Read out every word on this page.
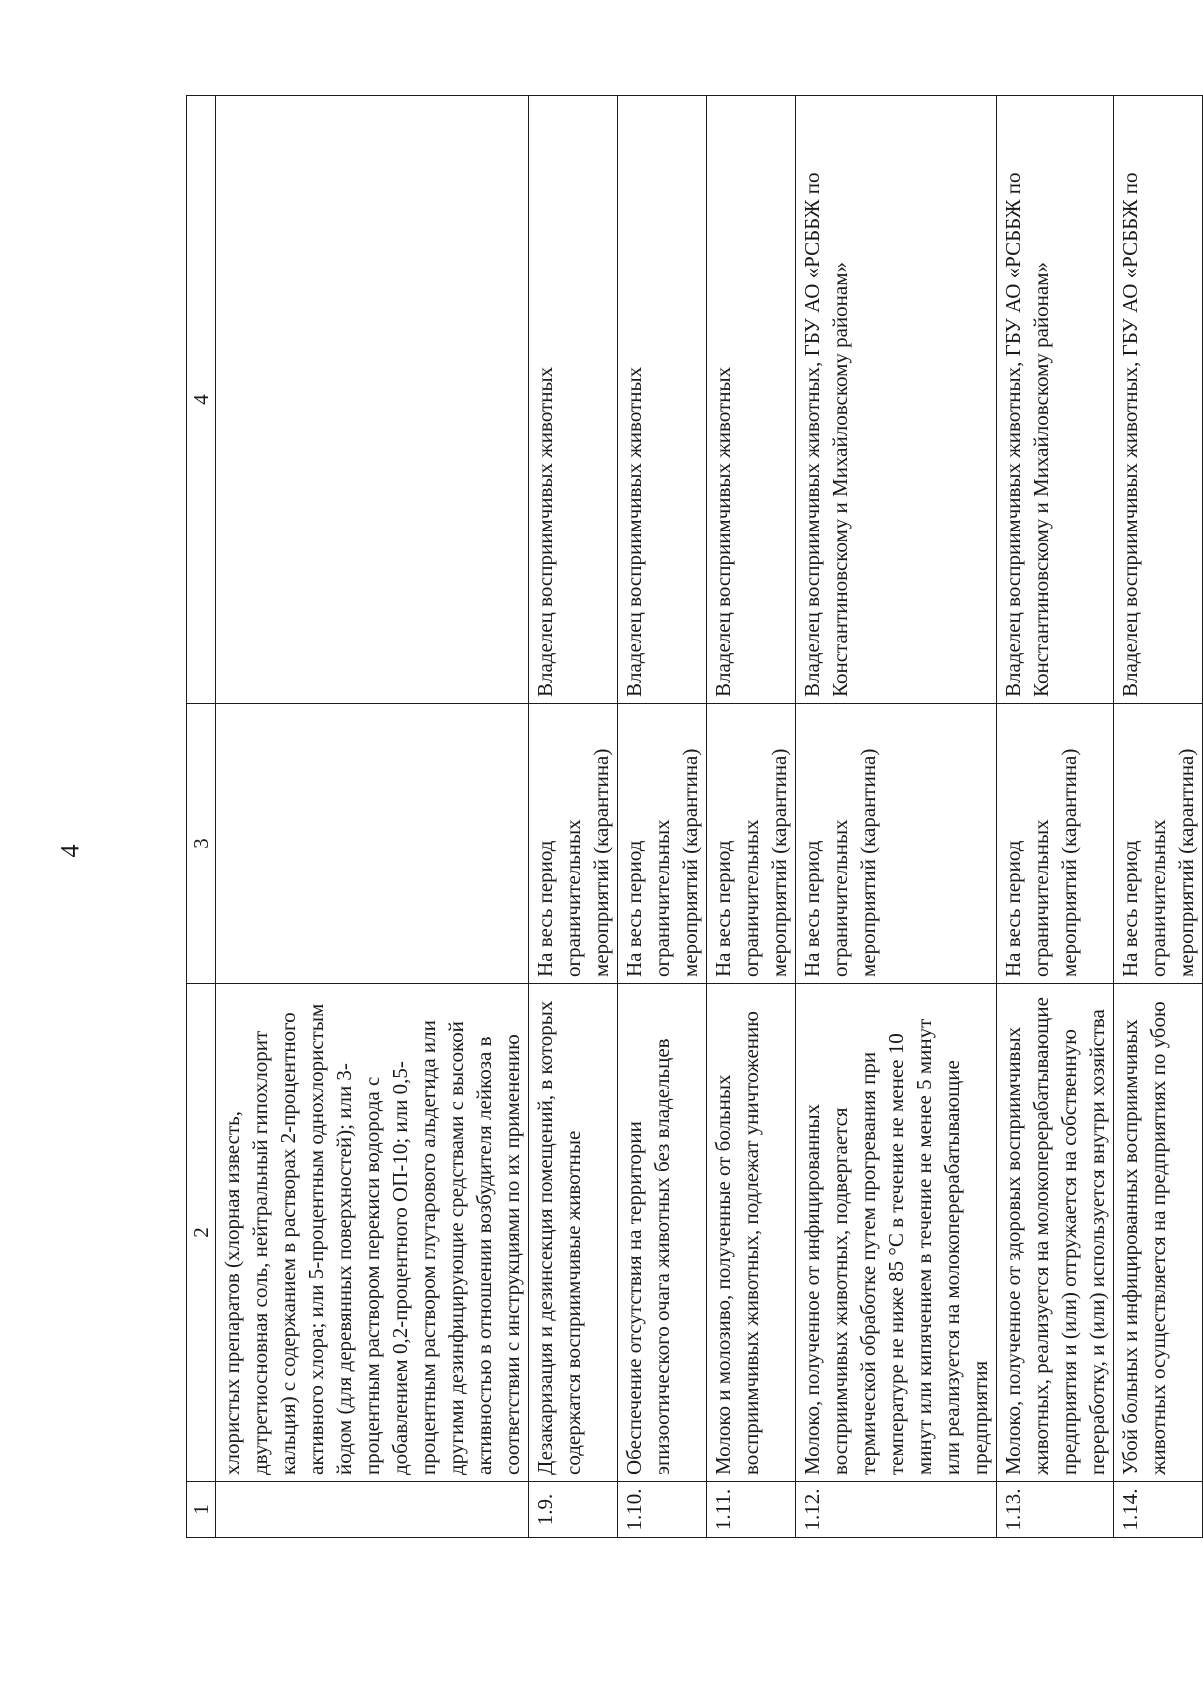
4
1	2	3	4
	хлористых препаратов (хлорная известь, двутретиосновная соль, нейтральный гипохлорит кальция) с содержанием в растворах 2-процентного активного хлора; или 5-процентным однохлористым йодом (для деревянных поверхностей); или 3-процентным раствором перекиси водорода с добавлением 0,2-процентного ОП-10; или 0,5-процентным раствором глутарового альдегида или другими дезинфицирующие средствами с высокой активностью в отношении возбудителя лейкоза в соответствии с инструкциями по их применению		
1.9.	Дезакаризация и дезинсекция помещений, в которых содержатся восприимчивые животные	На весь период ограничительных мероприятий (карантина)	Владелец восприимчивых животных
1.10.	Обеспечение отсутствия на территории эпизоотического очага животных без владельцев	На весь период ограничительных мероприятий (карантина)	Владелец восприимчивых животных
1.11.	Молоко и молозиво, полученные от больных восприимчивых животных, подлежат уничтожению	На весь период ограничительных мероприятий (карантина)	Владелец восприимчивых животных
1.12.	Молоко, полученное от инфицированных восприимчивых животных, подвергается термической обработке путем прогревания при температуре не ниже 85 °С в течение не менее 10 минут или кипячением в течение не менее 5 минут или реализуется на молокоперерабатывающие предприятия	На весь период ограничительных мероприятий (карантина)	Владелец восприимчивых животных, ГБУ АО «РСББЖ по Константиновскому и Михайловскому районам»
1.13.	Молоко, полученное от здоровых восприимчивых животных, реализуется на молокоперерабатывающие предприятия и (или) отгружается на собственную переработку, и (или) используется внутри хозяйства	На весь период ограничительных мероприятий (карантина)	Владелец восприимчивых животных, ГБУ АО «РСББЖ по Константиновскому и Михайловскому районам»
1.14.	Убой больных и инфицированных восприимчивых животных осуществляется на предприятиях по убою	На весь период ограничительных мероприятий (карантина)	Владелец восприимчивых животных, ГБУ АО «РСББЖ по
